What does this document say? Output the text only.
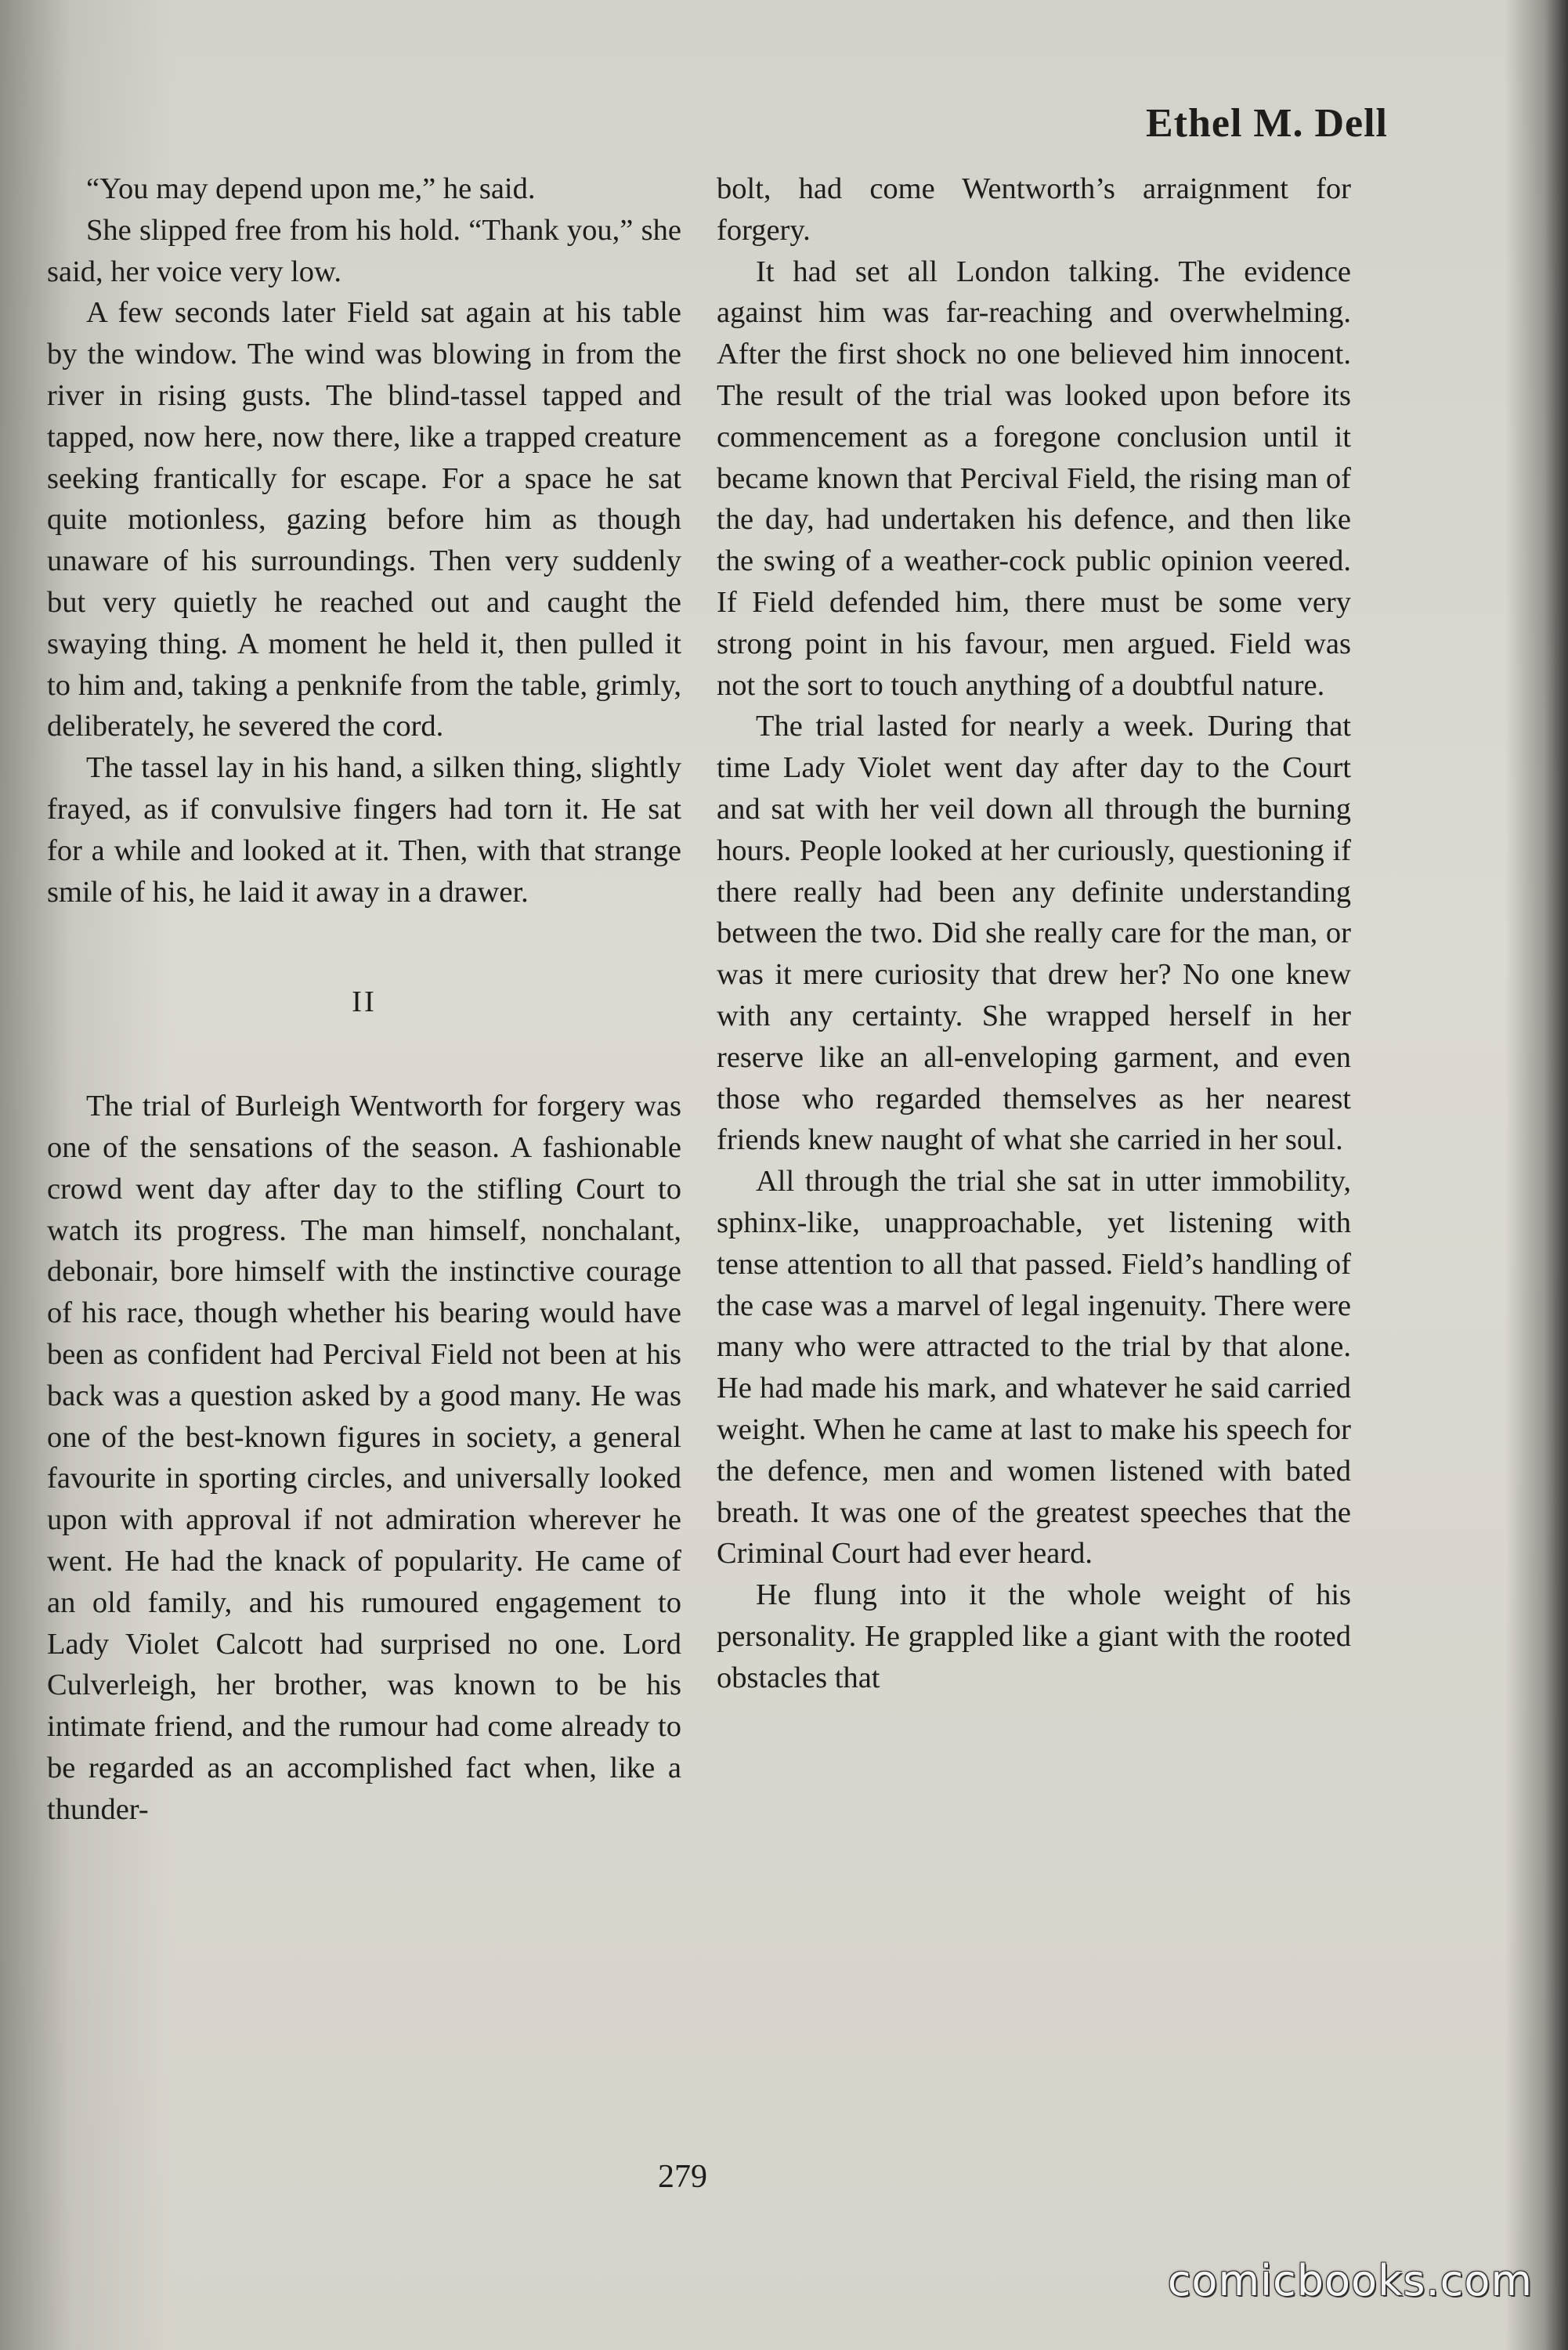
Ethel M. Dell

“You may depend upon me,” he said.

She slipped free from his hold. “Thank you,” she said, her voice very low.

A few seconds later Field sat again at his table by the window. The wind was blowing in from the river in rising gusts. The blind-tassel tapped and tapped, now here, now there, like a trapped creature seeking frantically for escape. For a space he sat quite motionless, gazing before him as though unaware of his surroundings. Then very suddenly but very quietly he reached out and caught the swaying thing. A moment he held it, then pulled it to him and, taking a penknife from the table, grimly, deliberately, he severed the cord.

The tassel lay in his hand, a silken thing, slightly frayed, as if convulsive fingers had torn it. He sat for a while and looked at it. Then, with that strange smile of his, he laid it away in a drawer.

II

The trial of Burleigh Wentworth for forgery was one of the sensations of the season. A fashionable crowd went day after day to the stifling Court to watch its progress. The man himself, nonchalant, debonair, bore himself with the instinctive courage of his race, though whether his bearing would have been as confident had Percival Field not been at his back was a question asked by a good many. He was one of the best-known figures in society, a general favourite in sporting circles, and universally looked upon with approval if not admiration wherever he went. He had the knack of popularity. He came of an old family, and his rumoured engagement to Lady Violet Calcott had surprised no one. Lord Culverleigh, her brother, was known to be his intimate friend, and the rumour had come already to be regarded as an accomplished fact when, like a thunder-

bolt, had come Wentworth’s arraignment for forgery.

It had set all London talking. The evidence against him was far-reaching and overwhelming. After the first shock no one believed him innocent. The result of the trial was looked upon before its commencement as a foregone conclusion until it became known that Percival Field, the rising man of the day, had undertaken his defence, and then like the swing of a weather-cock public opinion veered. If Field defended him, there must be some very strong point in his favour, men argued. Field was not the sort to touch anything of a doubtful nature.

The trial lasted for nearly a week. During that time Lady Violet went day after day to the Court and sat with her veil down all through the burning hours. People looked at her curiously, questioning if there really had been any definite understanding between the two. Did she really care for the man, or was it mere curiosity that drew her? No one knew with any certainty. She wrapped herself in her reserve like an all-enveloping garment, and even those who regarded themselves as her nearest friends knew naught of what she carried in her soul.

All through the trial she sat in utter immobility, sphinx-like, unapproachable, yet listening with tense attention to all that passed. Field’s handling of the case was a marvel of legal ingenuity. There were many who were attracted to the trial by that alone. He had made his mark, and whatever he said carried weight. When he came at last to make his speech for the defence, men and women listened with bated breath. It was one of the greatest speeches that the Criminal Court had ever heard.

He flung into it the whole weight of his personality. He grappled like a giant with the rooted obstacles that

279
comicbooks.com
